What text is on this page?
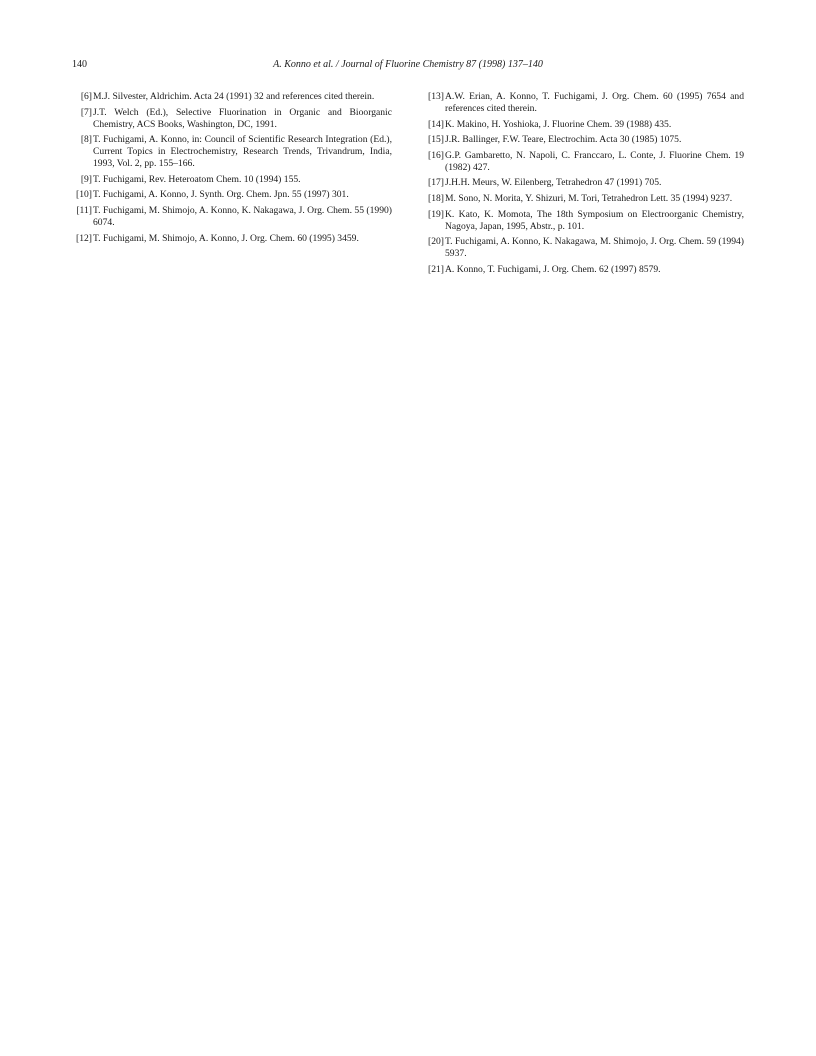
140	A. Konno et al. / Journal of Fluorine Chemistry 87 (1998) 137–140
[6] M.J. Silvester, Aldrichim. Acta 24 (1991) 32 and references cited therein.
[7] J.T. Welch (Ed.), Selective Fluorination in Organic and Bioorganic Chemistry, ACS Books, Washington, DC, 1991.
[8] T. Fuchigami, A. Konno, in: Council of Scientific Research Integration (Ed.), Current Topics in Electrochemistry, Research Trends, Trivandrum, India, 1993, Vol. 2, pp. 155–166.
[9] T. Fuchigami, Rev. Heteroatom Chem. 10 (1994) 155.
[10] T. Fuchigami, A. Konno, J. Synth. Org. Chem. Jpn. 55 (1997) 301.
[11] T. Fuchigami, M. Shimojo, A. Konno, K. Nakagawa, J. Org. Chem. 55 (1990) 6074.
[12] T. Fuchigami, M. Shimojo, A. Konno, J. Org. Chem. 60 (1995) 3459.
[13] A.W. Erian, A. Konno, T. Fuchigami, J. Org. Chem. 60 (1995) 7654 and references cited therein.
[14] K. Makino, H. Yoshioka, J. Fluorine Chem. 39 (1988) 435.
[15] J.R. Ballinger, F.W. Teare, Electrochim. Acta 30 (1985) 1075.
[16] G.P. Gambaretto, N. Napoli, C. Franccaro, L. Conte, J. Fluorine Chem. 19 (1982) 427.
[17] J.H.H. Meurs, W. Eilenberg, Tetrahedron 47 (1991) 705.
[18] M. Sono, N. Morita, Y. Shizuri, M. Tori, Tetrahedron Lett. 35 (1994) 9237.
[19] K. Kato, K. Momota, The 18th Symposium on Electroorganic Chemistry, Nagoya, Japan, 1995, Abstr., p. 101.
[20] T. Fuchigami, A. Konno, K. Nakagawa, M. Shimojo, J. Org. Chem. 59 (1994) 5937.
[21] A. Konno, T. Fuchigami, J. Org. Chem. 62 (1997) 8579.
